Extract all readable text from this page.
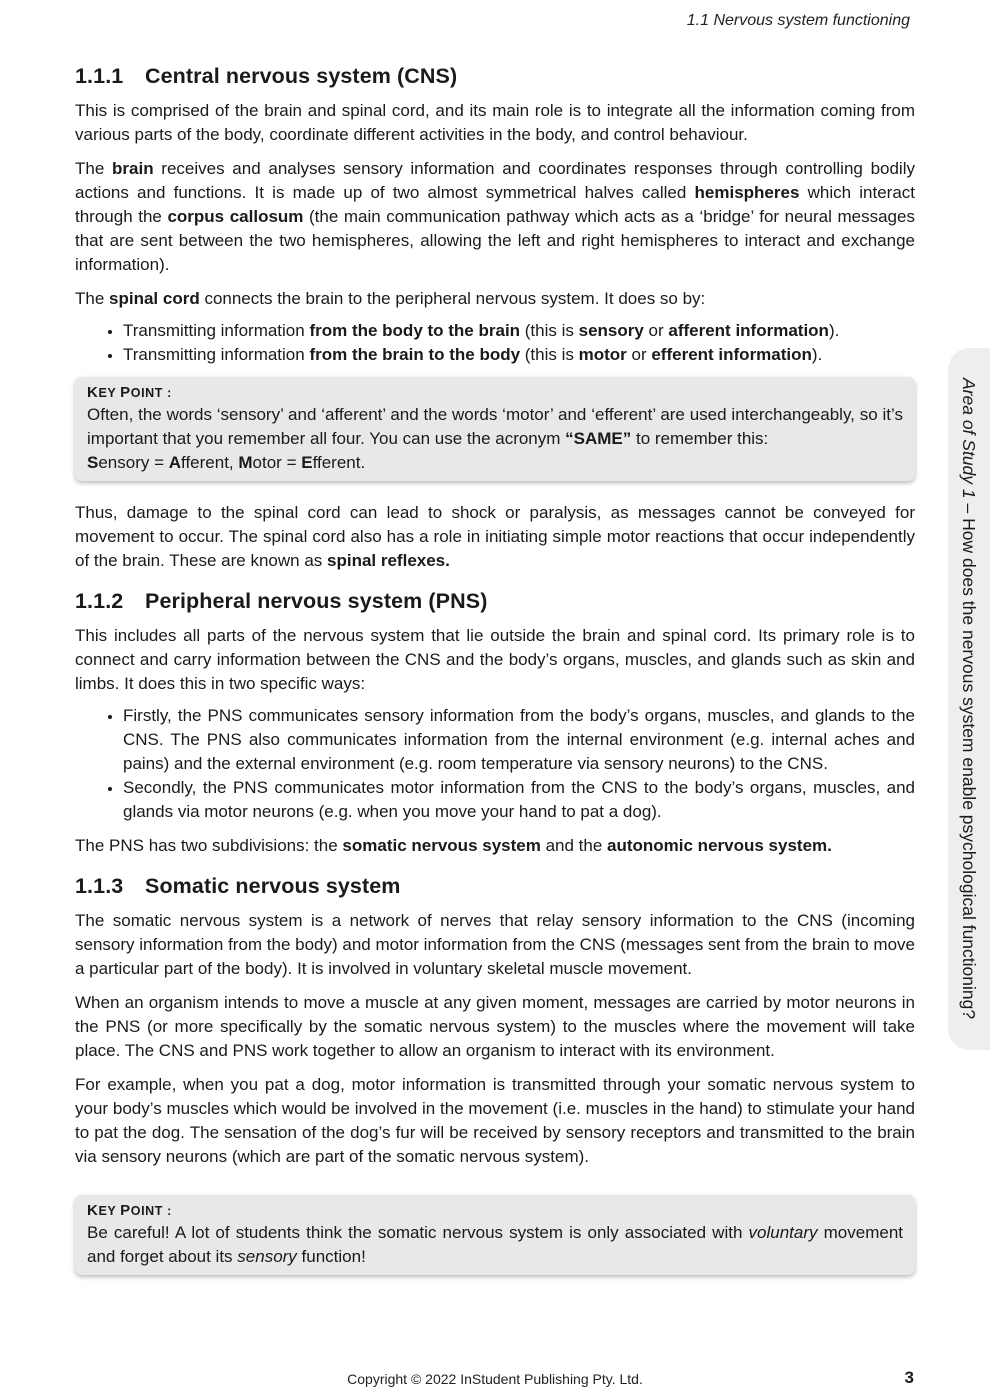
1.1 Nervous system functioning
Area of Study 1 – How does the nervous system enable psychological functioning?
1.1.1 Central nervous system (CNS)

This is comprised of the brain and spinal cord, and its main role is to integrate all the information coming from various parts of the body, coordinate different activities in the body, and control behaviour.

The brain receives and analyses sensory information and coordinates responses through controlling bodily actions and functions. It is made up of two almost symmetrical halves called hemispheres which interact through the corpus callosum (the main communication pathway which acts as a ‘bridge’ for neural messages that are sent between the two hemispheres, allowing the left and right hemispheres to interact and exchange information).

The spinal cord connects the brain to the peripheral nervous system. It does so by:

• Transmitting information from the body to the brain (this is sensory or afferent information).
• Transmitting information from the brain to the body (this is motor or efferent information).
KEY POINT :

Often, the words ‘sensory’ and ‘afferent’ and the words ‘motor’ and ‘efferent’ are used interchangeably, so it’s important that you remember all four. You can use the acronym “SAME” to remember this:
Sensory = Afferent, Motor = Efferent.

Thus, damage to the spinal cord can lead to shock or paralysis, as messages cannot be conveyed for movement to occur. The spinal cord also has a role in initiating simple motor reactions that occur independently of the brain. These are known as spinal reflexes.

1.1.2 Peripheral nervous system (PNS)

This includes all parts of the nervous system that lie outside the brain and spinal cord. Its primary role is to connect and carry information between the CNS and the body’s organs, muscles, and glands such as skin and limbs. It does this in two specific ways:

• Firstly, the PNS communicates sensory information from the body’s organs, muscles, and glands to the CNS. The PNS also communicates information from the internal environment (e.g. internal aches and pains) and the external environment (e.g. room temperature via sensory neurons) to the CNS.
• Secondly, the PNS communicates motor information from the CNS to the body’s organs, muscles, and glands via motor neurons (e.g. when you move your hand to pat a dog).

The PNS has two subdivisions: the somatic nervous system and the autonomic nervous system.

1.1.3 Somatic nervous system

The somatic nervous system is a network of nerves that relay sensory information to the CNS (incoming sensory information from the body) and motor information from the CNS (messages sent from the brain to move a particular part of the body). It is involved in voluntary skeletal muscle movement.

When an organism intends to move a muscle at any given moment, messages are carried by motor neurons in the PNS (or more specifically by the somatic nervous system) to the muscles where the movement will take place. The CNS and PNS work together to allow an organism to interact with its environment.

For example, when you pat a dog, motor information is transmitted through your somatic nervous system to your body’s muscles which would be involved in the movement (i.e. muscles in the hand) to stimulate your hand to pat the dog. The sensation of the dog’s fur will be received by sensory receptors and transmitted to the brain via sensory neurons (which are part of the somatic nervous system).

KEY POINT :

Be careful! A lot of students think the somatic nervous system is only associated with voluntary movement and forget about its sensory function!

Copyright © 2022 InStudent Publishing Pty. Ltd.	3
